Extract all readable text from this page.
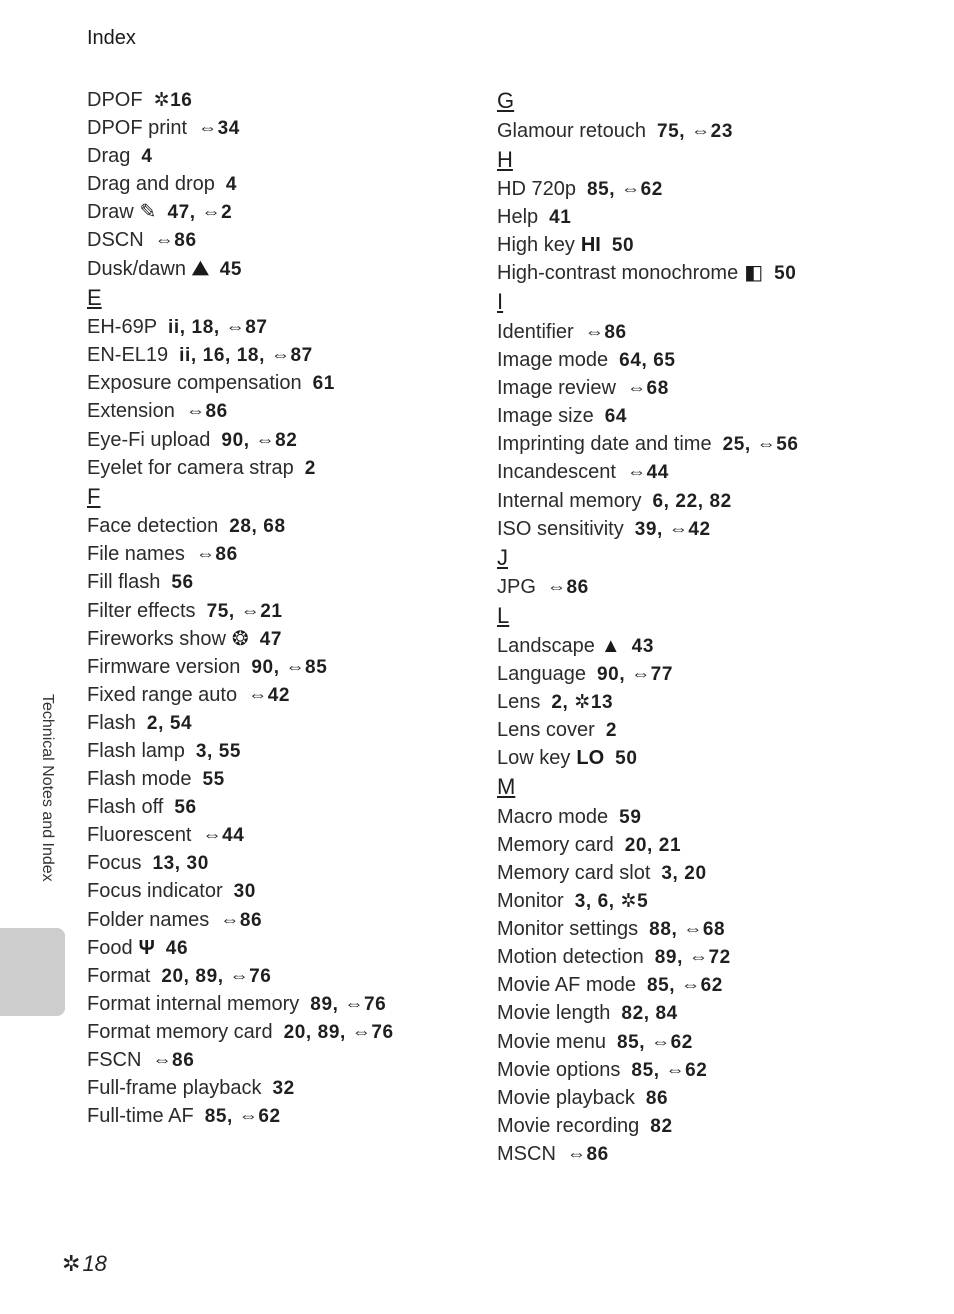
Index
DPOF ✲16
DPOF print ⇔34
Drag 4
Drag and drop 4
Draw ✎ 47, ⇔2
DSCN ⇔86
Dusk/dawn ⛰ 45
E
EH-69P ii, 18, ⇔87
EN-EL19 ii, 16, 18, ⇔87
Exposure compensation 61
Extension ⇔86
Eye-Fi upload 90, ⇔82
Eyelet for camera strap 2
F
Face detection 28, 68
File names ⇔86
Fill flash 56
Filter effects 75, ⇔21
Fireworks show ❂ 47
Firmware version 90, ⇔85
Fixed range auto ⇔42
Flash 2, 54
Flash lamp 3, 55
Flash mode 55
Flash off 56
Fluorescent ⇔44
Focus 13, 30
Focus indicator 30
Folder names ⇔86
Food Ψ 46
Format 20, 89, ⇔76
Format internal memory 89, ⇔76
Format memory card 20, 89, ⇔76
FSCN ⇔86
Full-frame playback 32
Full-time AF 85, ⇔62
G
Glamour retouch 75, ⇔23
H
HD 720p 85, ⇔62
Help 41
High key HI 50
High-contrast monochrome ◧ 50
I
Identifier ⇔86
Image mode 64, 65
Image review ⇔68
Image size 64
Imprinting date and time 25, ⇔56
Incandescent ⇔44
Internal memory 6, 22, 82
ISO sensitivity 39, ⇔42
J
JPG ⇔86
L
Landscape ▲ 43
Language 90, ⇔77
Lens 2, ✲13
Lens cover 2
Low key LO 50
M
Macro mode 59
Memory card 20, 21
Memory card slot 3, 20
Monitor 3, 6, ✲5
Monitor settings 88, ⇔68
Motion detection 89, ⇔72
Movie AF mode 85, ⇔62
Movie length 82, 84
Movie menu 85, ⇔62
Movie options 85, ⇔62
Movie playback 86
Movie recording 82
MSCN ⇔86
Technical Notes and Index
✲18
